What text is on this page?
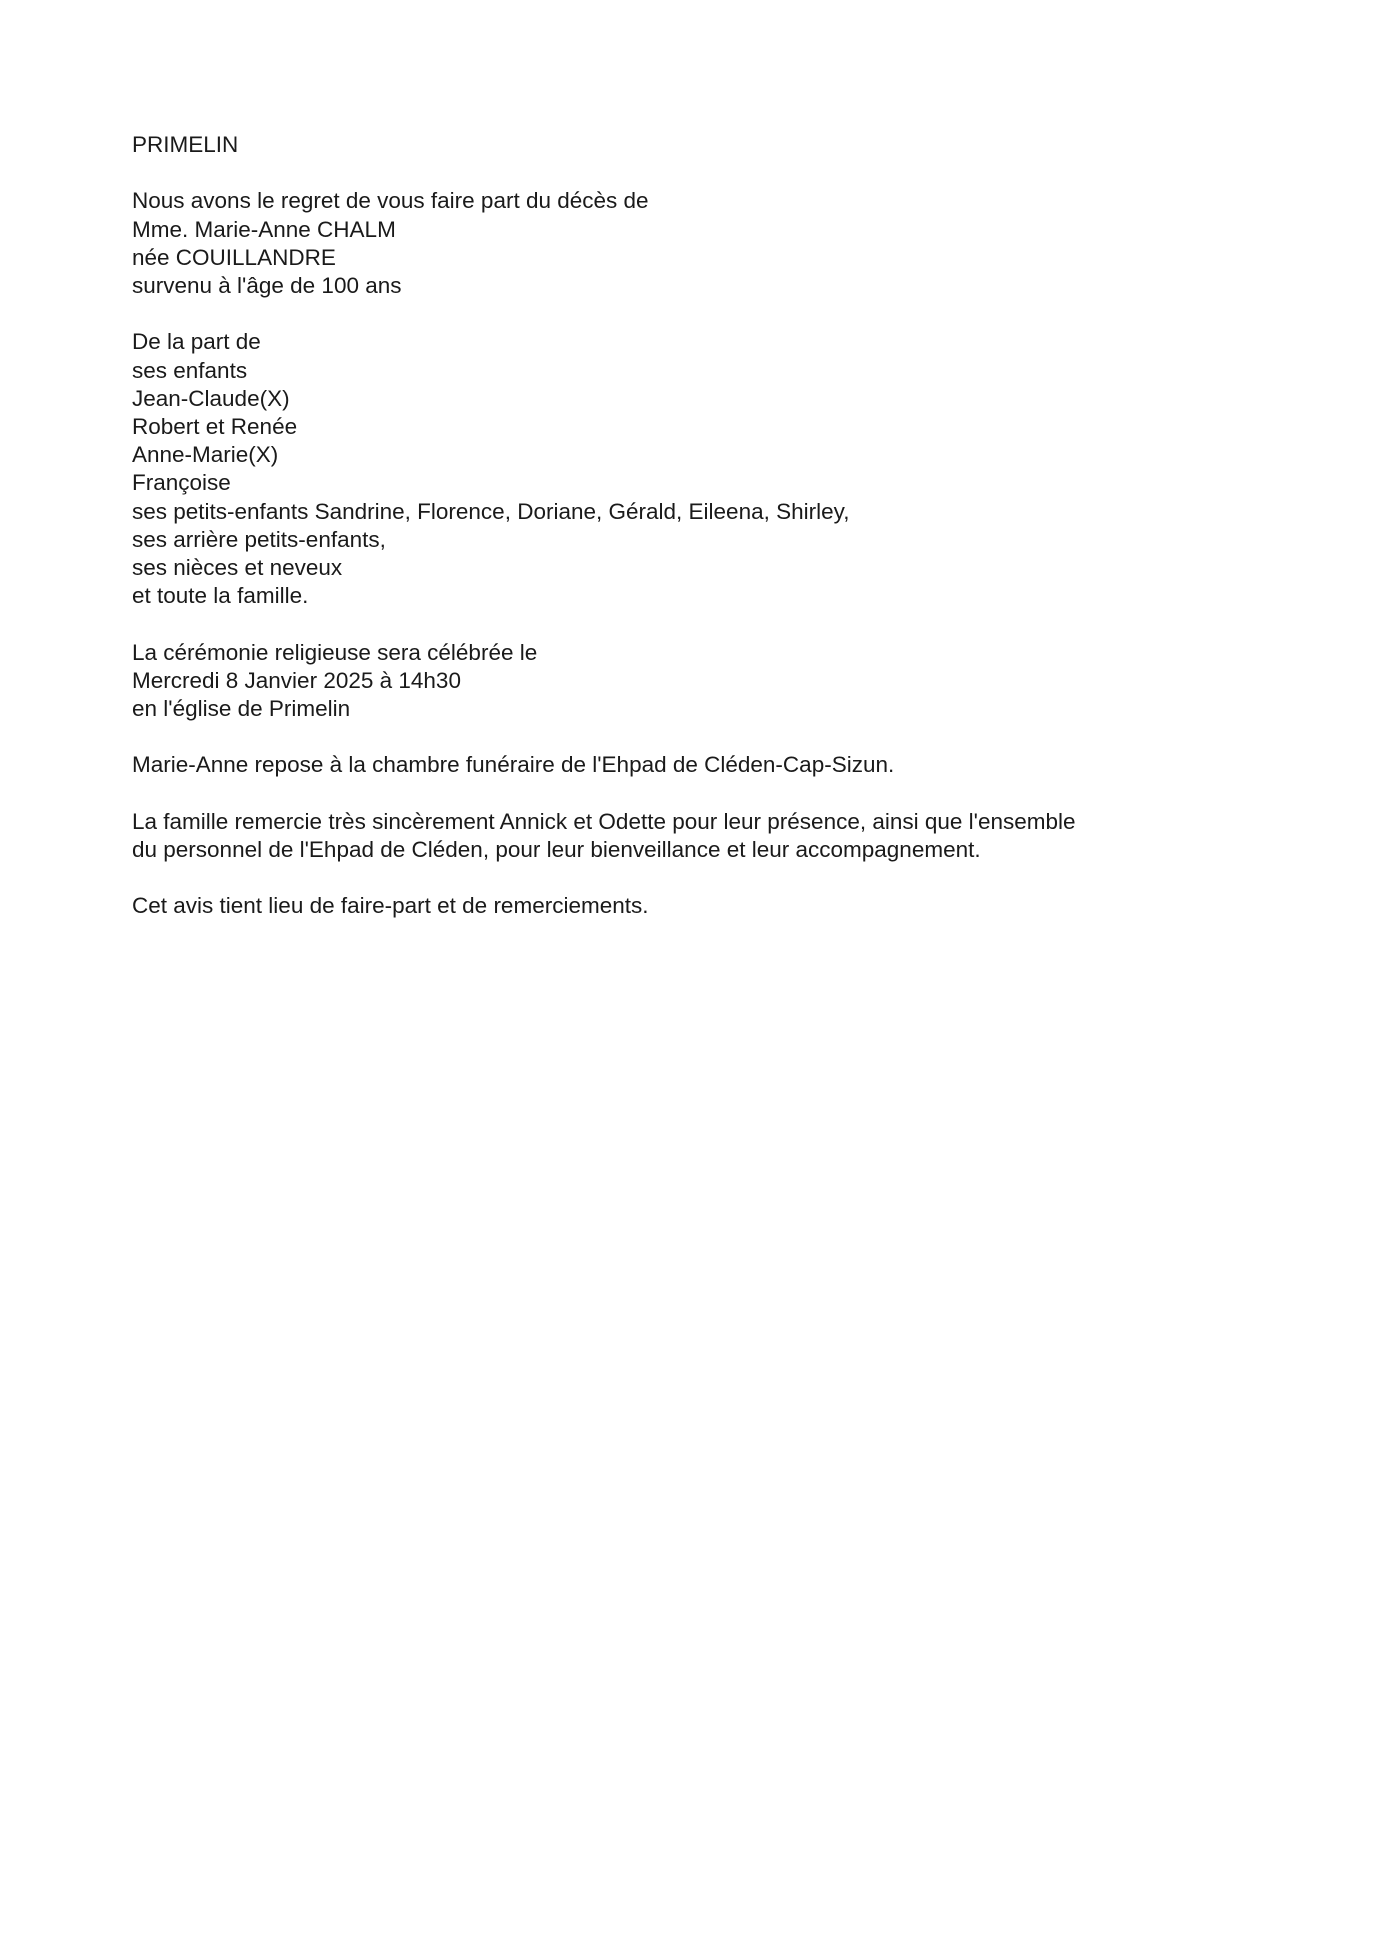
PRIMELIN
Nous avons le regret de vous faire part du décès de
Mme. Marie-Anne CHALM
née COUILLANDRE
survenu à l'âge de 100 ans
De la part de
ses enfants
Jean-Claude(X)
Robert et Renée
Anne-Marie(X)
Françoise
ses petits-enfants Sandrine, Florence, Doriane, Gérald, Eileena, Shirley,
ses arrière petits-enfants,
ses nièces et neveux
et toute la famille.
La cérémonie religieuse sera célébrée le
Mercredi 8 Janvier 2025 à 14h30
en l'église de Primelin
Marie-Anne repose à la chambre funéraire de l'Ehpad de Cléden-Cap-Sizun.
La famille remercie très sincèrement Annick et Odette pour leur présence, ainsi que l'ensemble
du personnel de l'Ehpad de Cléden, pour leur bienveillance et leur accompagnement.
Cet avis tient lieu de faire-part et de remerciements.
